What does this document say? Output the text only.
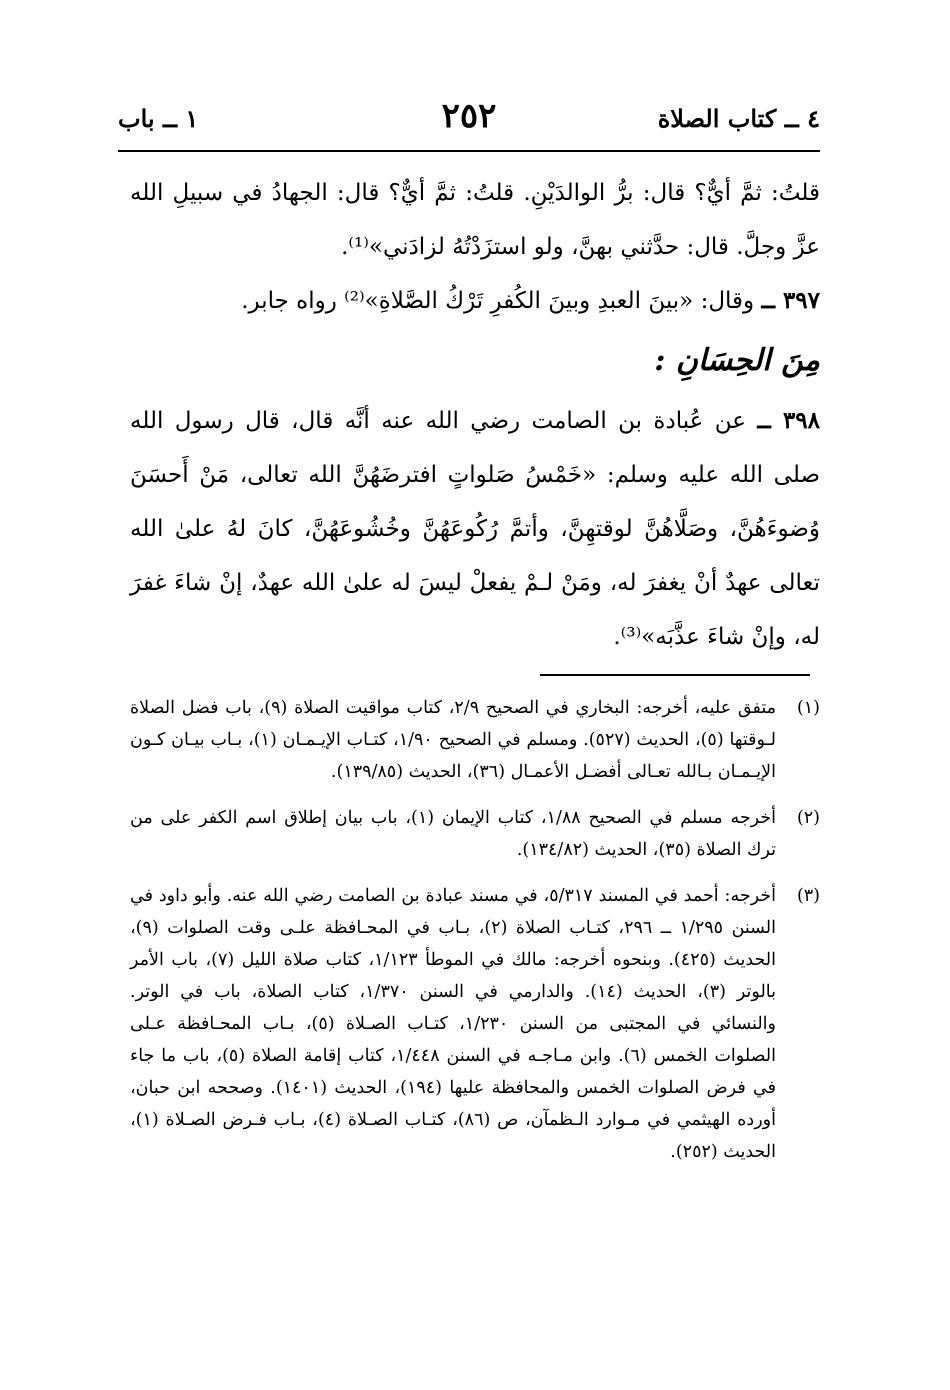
٤ ــ كتاب الصلاة
٢٥٢
١ ــ باب

قلتُ: ثمَّ أيٌّ؟ قال: برُّ الوالدَيْنِ. قلتُ: ثمَّ أيٌّ؟ قال: الجهادُ في سبيلِ الله عزَّ وجلَّ. قال: حدَّثني بهنَّ، ولو استزَدْتُهُ لزادَني»⁽¹⁾.

٣٩٧ ــ وقال: «بينَ العبدِ وبينَ الكُفرِ تَرْكُ الصَّلاةِ»⁽²⁾ رواه جابر.

مِنَ الحِسَانِ :

٣٩٨ ــ عن عُبادة بن الصامت رضي الله عنه أنَّه قال، قال رسول الله صلى الله عليه وسلم: «خَمْسُ صَلواتٍ افترضَهُنَّ الله تعالى، مَنْ أَحسَنَ وُضوءَهُنَّ، وصَلَّاهُنَّ لوقتهِنَّ، وأتمَّ رُكُوعَهُنَّ وخُشُوعَهُنَّ، كانَ لهُ علىٰ الله تعالى عهدٌ أنْ يغفرَ له، ومَنْ لـمْ يفعلْ ليسَ له علىٰ الله عهدٌ، إنْ شاءَ غفرَ له، وإنْ شاءَ عذَّبَه»⁽³⁾.

(١)
متفق عليه، أخرجه: البخاري في الصحيح ٢/٩، كتاب مواقيت الصلاة (٩)، باب فضل الصلاة لـوقتها (٥)، الحديث (٥٢٧). ومسلم في الصحيح ١/٩٠، كتـاب الإيـمـان (١)، بـاب بيـان كـون الإيـمـان بـالله تعـالى أفضـل الأعمـال (٣٦)، الحديث (١٣٩/٨٥).
(٢)
أخرجه مسلم في الصحيح ١/٨٨، كتاب الإيمان (١)، باب بيان إطلاق اسم الكفر على من ترك الصلاة (٣٥)، الحديث (١٣٤/٨٢).
(٣)
أخرجه: أحمد في المسند ٥/٣١٧، في مسند عبادة بن الصامت رضي الله عنه. وأبو داود في السنن ١/٢٩٥ ــ ٢٩٦، كتـاب الصلاة (٢)، بـاب في المحـافظة علـى وقت الصلوات (٩)، الحديث (٤٢٥). وبنحوه أخرجه: مالك في الموطأ ١/١٢٣، كتاب صلاة الليل (٧)، باب الأمر بالوتر (٣)، الحديث (١٤). والدارمي في السنن ١/٣٧٠، كتاب الصلاة، باب في الوتر. والنسائي في المجتبى من السنن ١/٢٣٠، كتـاب الصـلاة (٥)، بـاب المحـافظة عـلى الصلوات الخمس (٦). وابن مـاجـه في السنن ١/٤٤٨، كتاب إقامة الصلاة (٥)، باب ما جاء في فرض الصلوات الخمس والمحافظة عليها (١٩٤)، الحديث (١٤٠١). وصححه ابن حبان، أورده الهيثمي في مـوارد الـظمآن، ص (٨٦)، كتـاب الصـلاة (٤)، بـاب فـرض الصـلاة (١)، الحديث (٢٥٢).
